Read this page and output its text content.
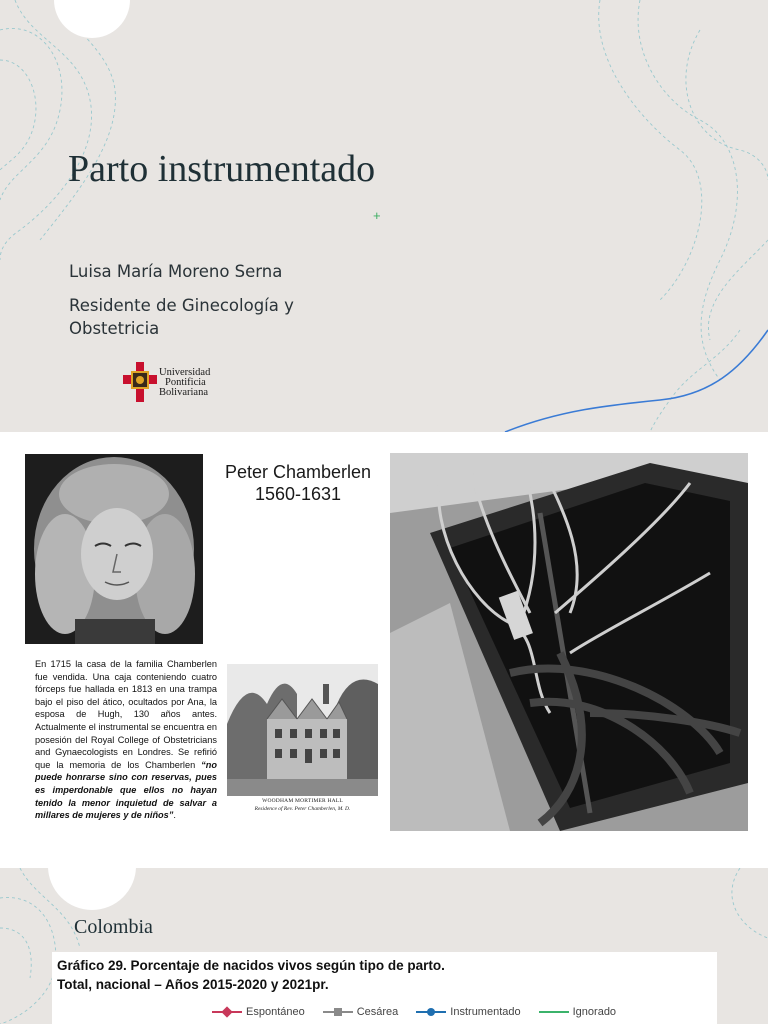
Parto instrumentado
+
Luisa María Moreno Serna
Residente de Ginecología y Obstetricia
Universidad
Pontificia
Bolivariana
Peter Chamberlen
1560-1631

En 1715 la casa de la familia Chamberlen fue vendida. Una caja conteniendo cuatro fórceps fue hallada en 1813 en una trampa bajo el piso del ático, ocultados por Ana, la esposa de Hugh, 130 años antes. Actualmente el instrumental se encuentra en posesión del Royal College of Obstetricians and Gynaecologists en Londres. Se refirió que la memoria de los Chamberlen “no puede honrarse sino con reservas, pues es imperdonable que ellos no hayan tenido la menor inquietud de salvar a millares de mujeres y de niños”.

WOODHAM MORTIMER HALL
Residence of Rev. Peter Chamberlen, M. D.
Colombia
Gráfico 29. Porcentaje de nacidos vivos según tipo de parto.
Total, nacional – Años 2015-2020 y 2021pr.
Espontáneo	Cesárea	Instrumentado	Ignorado
